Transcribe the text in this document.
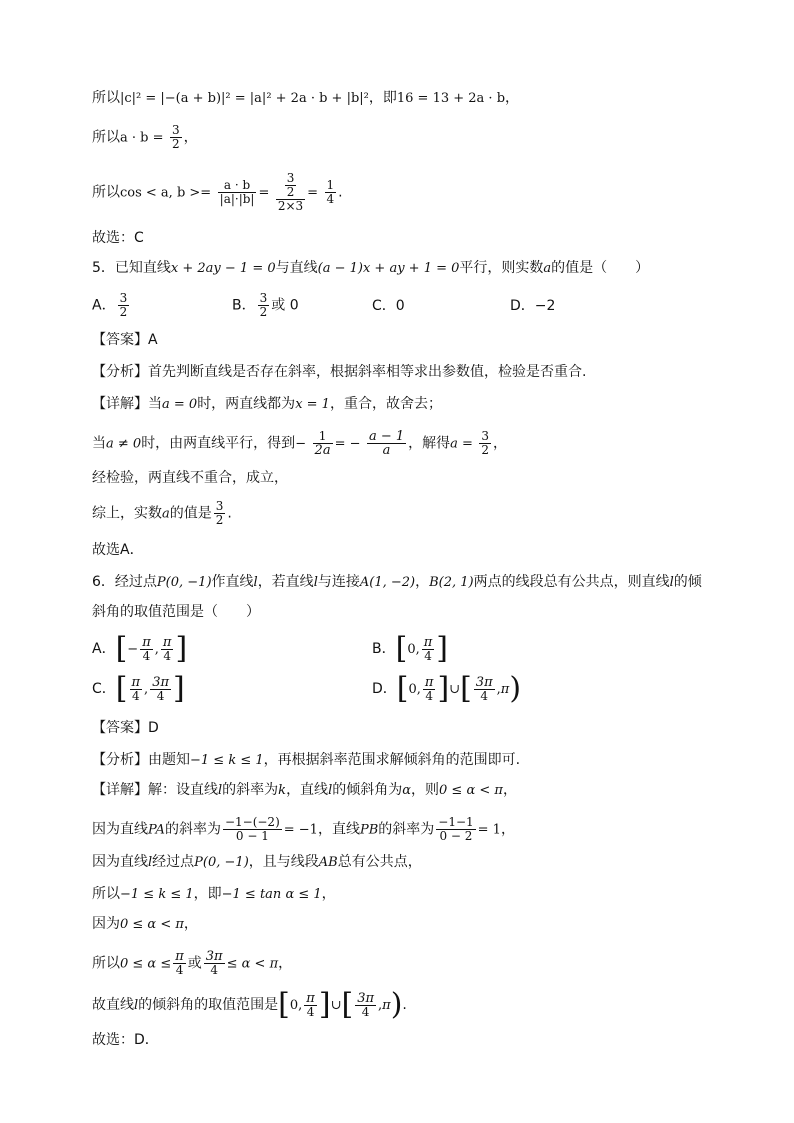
所以|c|² = |−(a + b)|² = |a|² + 2a · b + |b|²，即16 = 13 + 2a · b，
所以$a \cdot b = \frac{3}{2}$ ，
所以cos < a, $b >= \frac{a \cdot b}{|a|\cdot|b|} = \frac{\frac{3}{2}}{2\times 3} = \frac{1}{4}$ .
故选：C
5．已知直线x + 2ay − 1 = 0与直线(a − 1)x + ay + 1 = 0平行，则实数a的值是（　　）
A． $\frac{3}{2}$	B． $\frac{3}{2}$ 或 0	C．0	D．−2
【答案】A
【分析】首先判断直线是否存在斜率，根据斜率相等求出参数值，检验是否重合.
【详解】当a = 0时，两直线都为x = 1，重合，故舍去；
当a ≠ 0时，由两直线平行，得到− $\frac{1}{2a}$ = − $\frac{a - 1}{a}$ ，解得$a = \frac{3}{2}$ ，
经检验，两直线不重合，成立，
综上，实数a的值是 $\frac{3}{2}$ .
故选A．
6．经过点P(0, −1)作直线l，若直线l与连接A(1, −2)，B(2, 1)两点的线段总有公共点，则直线l的倾
斜角的取值范围是（　　）
A．[− $\frac{\pi}{4}$ , $\frac{\pi}{4}$ ]	B．[0, $\frac{\pi}{4}$ ]
C．[ $\frac{\pi}{4}$ , $\frac{3\pi}{4}$ ]	D．[0, $\frac{\pi}{4}$ ]∪[ $\frac{3\pi}{4} ,\pi$)
【答案】D
【分析】由题知−1 ≤ k ≤ 1，再根据斜率范围求解倾斜角的范围即可.
【详解】解：设直线l的斜率为k，直线l的倾斜角为α，则0 ≤ α < π，
因为直线PA的斜率为 $\frac{-1-(-2)}{0 - 1} = -1$，直线PB的斜率为 $\frac{-1-1}{0 - 2} = 1$，
因为直线l经过点P(0, −1)，且与线段AB总有公共点，
所以−1 ≤ k ≤ 1，即−1 ≤ tan α ≤ 1，
因为0 ≤ α < π，
所以$0 \le \alpha \le \frac{\pi}{4}$ 或 $\frac{3\pi}{4} \le \alpha < \pi$，
故直线l的倾斜角的取值范围是[0, $\frac{\pi}{4}$ ]∪[ $\frac{3\pi}{4} ,\pi$).
故选：D．
